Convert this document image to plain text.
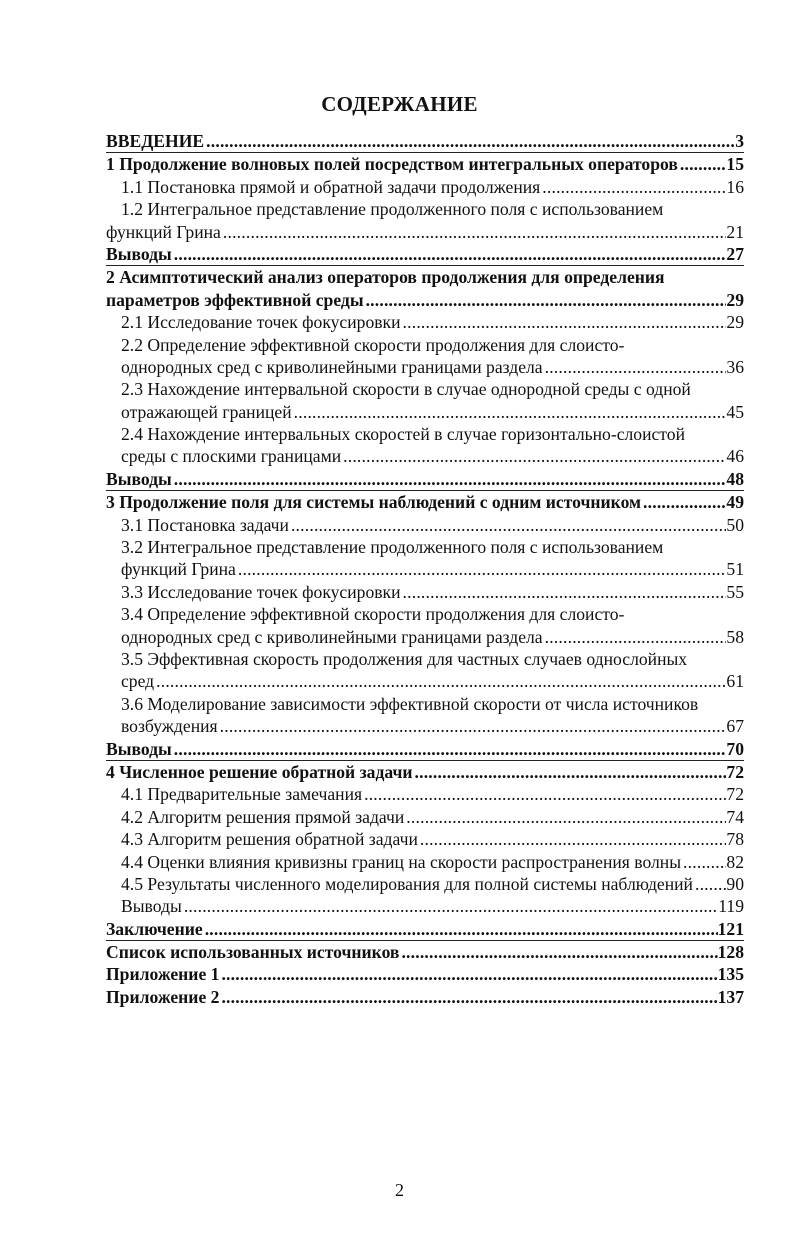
СОДЕРЖАНИЕ
ВВЕДЕНИЕ .....	3
1 Продолжение волновых полей посредством интегральных операторов .....	15
1.1 Постановка прямой и обратной задачи продолжения .....	16
1.2 Интегральное представление продолженного поля с использованием
функций Грина .....	21
Выводы .....	27
2 Асимптотический анализ операторов продолжения для определения
параметров эффективной среды .....	29
2.1 Исследование точек фокусировки .....	29
2.2 Определение эффективной скорости продолжения для слоисто-
однородных сред с криволинейными границами раздела .....	36
2.3 Нахождение интервальной скорости в случае однородной среды с одной
отражающей границей .....	45
2.4 Нахождение интервальных скоростей в случае горизонтально-слоистой
среды с плоскими границами .....	46
Выводы .....	48
3 Продолжение поля для системы наблюдений с одним источником .....	49
3.1 Постановка задачи .....	50
3.2 Интегральное представление продолженного поля с использованием
функций Грина .....	51
3.3 Исследование точек фокусировки .....	55
3.4 Определение эффективной скорости продолжения для слоисто-
однородных сред с криволинейными границами раздела .....	58
3.5 Эффективная скорость продолжения для частных случаев однослойных
сред .....	61
3.6 Моделирование зависимости эффективной скорости от числа источников
возбуждения .....	67
Выводы .....	70
4 Численное решение обратной задачи .....	72
4.1 Предварительные замечания .....	72
4.2 Алгоритм решения прямой задачи .....	74
4.3 Алгоритм решения обратной задачи .....	78
4.4 Оценки влияния кривизны границ на скорости распространения волны .....	82
4.5 Результаты численного моделирования для полной системы наблюдений ..... 90
Выводы .....	119
Заключение .....	121
Список использованных источников .....	128
Приложение 1 .....	135
Приложение 2 .....	137
2
